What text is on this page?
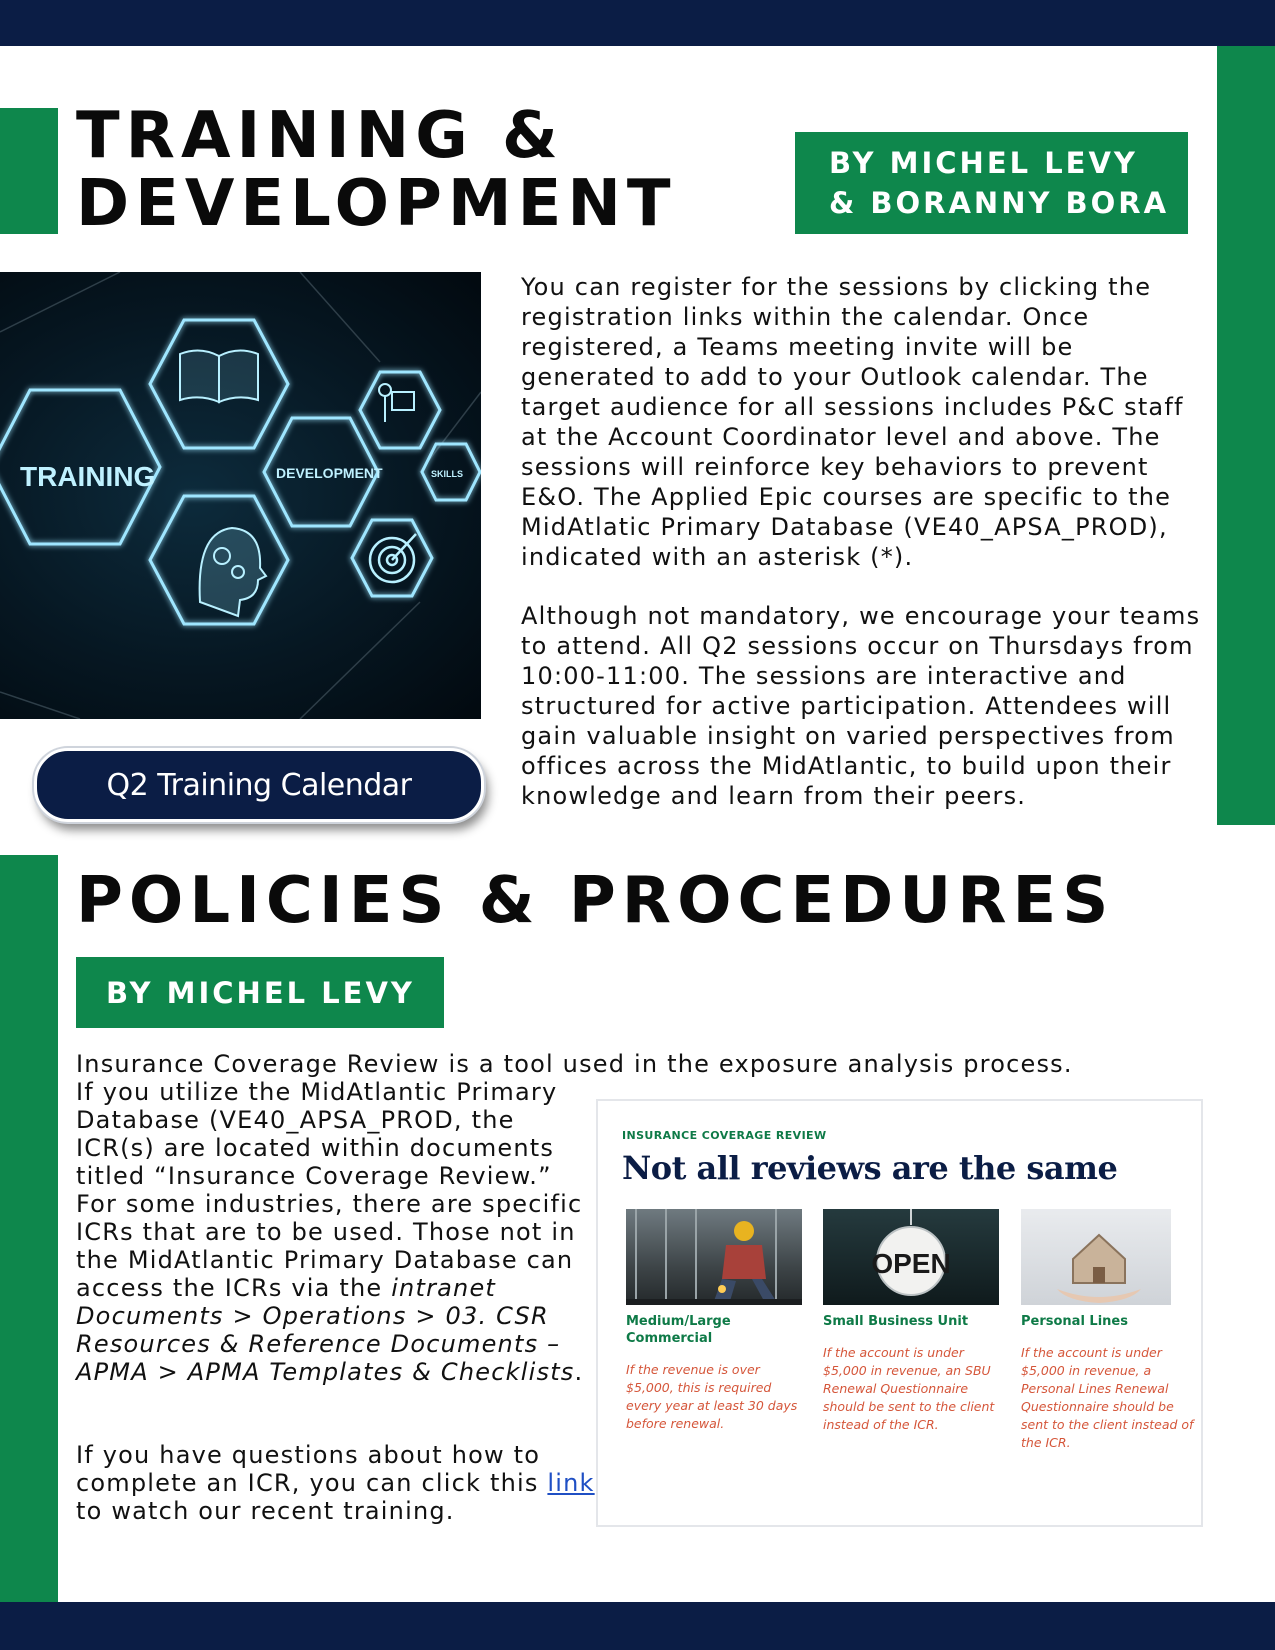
TRAINING &
DEVELOPMENT
BY MICHEL LEVY
& BORANNY BORA
TRAINING	DEVELOPMENT	SKILLS
Q2 Training Calendar

You can register for the sessions by clicking the registration links within the calendar. Once registered, a Teams meeting invite will be generated to add to your Outlook calendar. The target audience for all sessions includes P&C staff at the Account Coordinator level and above. The sessions will reinforce key behaviors to prevent E&O. The Applied Epic courses are specific to the MidAtlatic Primary Database (VE40_APSA_PROD), indicated with an asterisk (*).

Although not mandatory, we encourage your teams to attend. All Q2 sessions occur on Thursdays from 10:00-11:00. The sessions are interactive and structured for active participation. Attendees will gain valuable insight on varied perspectives from offices across the MidAtlantic, to build upon their knowledge and learn from their peers.

POLICIES & PROCEDURES
BY MICHEL LEVY

Insurance Coverage Review is a tool used in the exposure analysis process.

If you utilize the MidAtlantic Primary Database (VE40_APSA_PROD, the ICR(s) are located within documents titled “Insurance Coverage Review.” For some industries, there are specific ICRs that are to be used. Those not in the MidAtlantic Primary Database can access the ICRs via the intranet Documents > Operations > 03. CSR Resources & Reference Documents – APMA > APMA Templates & Checklists.

If you have questions about how to complete an ICR, you can click this link to watch our recent training.

INSURANCE COVERAGE REVIEW
Not all reviews are the same
Medium/Large Commercial
If the revenue is over $5,000, this is required every year at least 30 days before renewal.
OPEN
Small Business Unit
If the account is under $5,000 in revenue, an SBU Renewal Questionnaire should be sent to the client instead of the ICR.
Personal Lines
If the account is under $5,000 in revenue, a Personal Lines Renewal Questionnaire should be sent to the client instead of the ICR.
